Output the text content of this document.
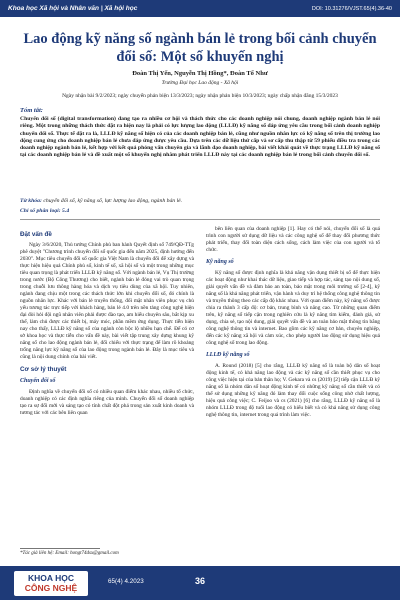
Khoa học Xã hội và Nhân văn | Xã hội học	DOI: 10.31276/VJST.65(4).36-40
Lao động kỹ năng số ngành bán lẻ trong bối cảnh chuyển đổi số: Một số khuyến nghị
Đoàn Thị Yến, Nguyễn Thị Hồng*, Đoàn Tố Như
Trường Đại học Lao động - Xã hội
Ngày nhận bài 9/2/2023; ngày chuyển phản biện 13/3/2023; ngày nhận phản biện 10/3/2023; ngày chấp nhận đăng 15/3/2023
Tóm tắt:
Chuyển đổi số (digital transformation) đang tạo ra nhiều cơ hội và thách thức cho các doanh nghiệp nói chung, doanh nghiệp ngành bán lẻ nói riêng. Một trong những thách thức đặt ra hiện nay là phải có lực lượng lao động (LLLĐ) kỹ năng số đáp ứng yêu cầu trong bối cảnh doanh nghiệp chuyển đổi số. Thực tế đặt ra là, LLLĐ kỹ năng số hiện có của các doanh nghiệp bán lẻ, cũng như nguồn nhân lực có kỹ năng số trên thị trường lao động cung ứng cho doanh nghiệp bán lẻ chưa đáp ứng được yêu cầu. Dựa trên các dữ liệu thứ cấp và sơ cấp thu thập từ 59 phiếu điều tra trong các doanh nghiệp ngành bán lẻ, kết hợp với kết quả phỏng vấn chuyên gia và lãnh đạo doanh nghiệp, bài viết khái quát về thực trạng LLLĐ kỹ năng số tại các doanh nghiệp bán lẻ và đề xuất một số khuyến nghị nhằm phát triển LLLĐ này tại các doanh nghiệp bán lẻ trong bối cảnh chuyển đổi số.
Từ khóa: chuyển đổi số, kỹ năng số, lực lượng lao động, ngành bán lẻ.
Chỉ số phân loại: 5.4
Đặt vấn đề

Ngày 3/6/2020, Thủ tướng Chính phủ ban hành Quyết định số 749/QĐ-TTg phê duyệt "Chương trình chuyển đổi số quốc gia đến năm 2025, định hướng đến 2030". Mục tiêu chuyển đổi số quốc gia Việt Nam là chuyển đổi để xây dựng và thực hiện hiệu quả Chính phủ số, kinh tế số, xã hội số và một trong những mục tiêu quan trọng là phát triển LLLĐ kỹ năng số. Với ngành bán lẻ, Vụ Thị trường trong nước (Bộ Công Thương) cho biết, ngành bán lẻ đóng vai trò quan trọng trong chuỗi lưu thông hàng hóa và dịch vụ tiêu dùng của xã hội. Tuy nhiên, ngành đang chịu một trong các thách thức lớn khi chuyển đổi số, đó chính là nguồn nhân lực. Khác với bán lẻ truyền thống, đối mặt nhân viên phục vụ chủ yếu tương tác trực tiếp với khách hàng, bán lẻ 4.0 trên nền tảng công nghệ hiện đại đòi hỏi đội ngũ nhân viên phải được đào tạo, am hiểu chuyên sâu, bắt kịp xu thế, làm chủ được các thiết bị, máy móc, phần mềm ứng dụng. Thực tiễn hiện nay cho thấy, LLLĐ kỹ năng số của ngành còn bộc lộ nhiều hạn chế. Để có cơ sở khoa học và thực tiễn cho vấn đề này, bài viết tập trung xây dựng khung kỹ năng số cho lao động ngành bán lẻ, đối chiếu với thực trạng để làm rõ khoảng trống năng lực kỹ năng số của lao động trong ngành bán lẻ. Đây là mục tiêu và cũng là nội dung chính của bài viết.

Cơ sở lý thuyết
Chuyển đổi số

Định nghĩa về chuyển đổi số có nhiều quan điểm khác nhau, nhiều tổ chức, doanh nghiệp có các định nghĩa riêng của mình. Chuyển đổi số doanh nghiệp tạo ra sự đổi mới và sáng tạo có tính chất đột phá trong sản xuất kinh doanh và tương tác với các bên liên quan

bên liên quan của doanh nghiệp [1]. Hay có thể nói, chuyển đổi số là quá trình con người sử dụng dữ liệu và các công nghệ số để thay đổi phương thức phát triển, thay đổi toàn diện cách sống, cách làm việc của con người và tổ chức.

Kỹ năng số

Kỹ năng số được định nghĩa là khả năng vận dụng thiết bị số để thực hiện các hoạt động như khai thác dữ liệu, giao tiếp và hợp tác, sáng tạo nội dung số, giải quyết vấn đề và đảm bảo an toàn, bảo mật trong môi trường số [2-4], kỹ năng số là khả năng phát triển, vận hành và duy trì hệ thống công nghệ thông tin và truyền thông theo các cấp độ khác nhau. Với quan điểm này, kỹ năng số được chia ra thành 3 cấp độ: cơ bản, trung bình và nâng cao. Từ những quan điểm trên, kỹ năng số tiếp cận trong nghiên cứu là kỹ năng tìm kiếm, đánh giá, sử dụng, chia sẻ, tạo nội dung, giải quyết vấn đề và an toàn bảo mật thông tin bằng công nghệ thông tin và internet. Bao gồm các kỹ năng cơ bản, chuyên nghiệp, đến các kỹ năng xã hội và cảm xúc, cho phép người lao động sử dụng hiệu quả công nghệ số trong lao động.

LLLĐ kỹ năng số

A. Round (2018) [5] cho rằng, LLLĐ kỹ năng số là toàn bộ dân số hoạt động kinh tế, có khả năng lao động và các kỹ năng số cần thiết phục vụ cho công việc hiện tại của bản thân họ; V. Gekara và cs (2019) [2] tiếp cận LLLĐ kỹ năng số là nhóm dân số hoạt động kinh tế có những kỹ năng số cần thiết và có thể sử dụng những kỹ năng đó làm thay đổi cuộc sống công nhờ chất lượng, hiệu quả công việc; C. Feijoo và cs (2021) [6] cho rằng, LLLĐ kỹ năng số là nhóm LLLĐ trong độ tuổi lao động có hiểu biết và có khả năng sử dụng công nghệ thông tin, internet trong quá trình làm việc.

*Tác giả liên hệ: Email: hongt74dsx@gmail.com
KHOA HỌC
CÔNG NGHỆ
65(4) 4.2023	36
